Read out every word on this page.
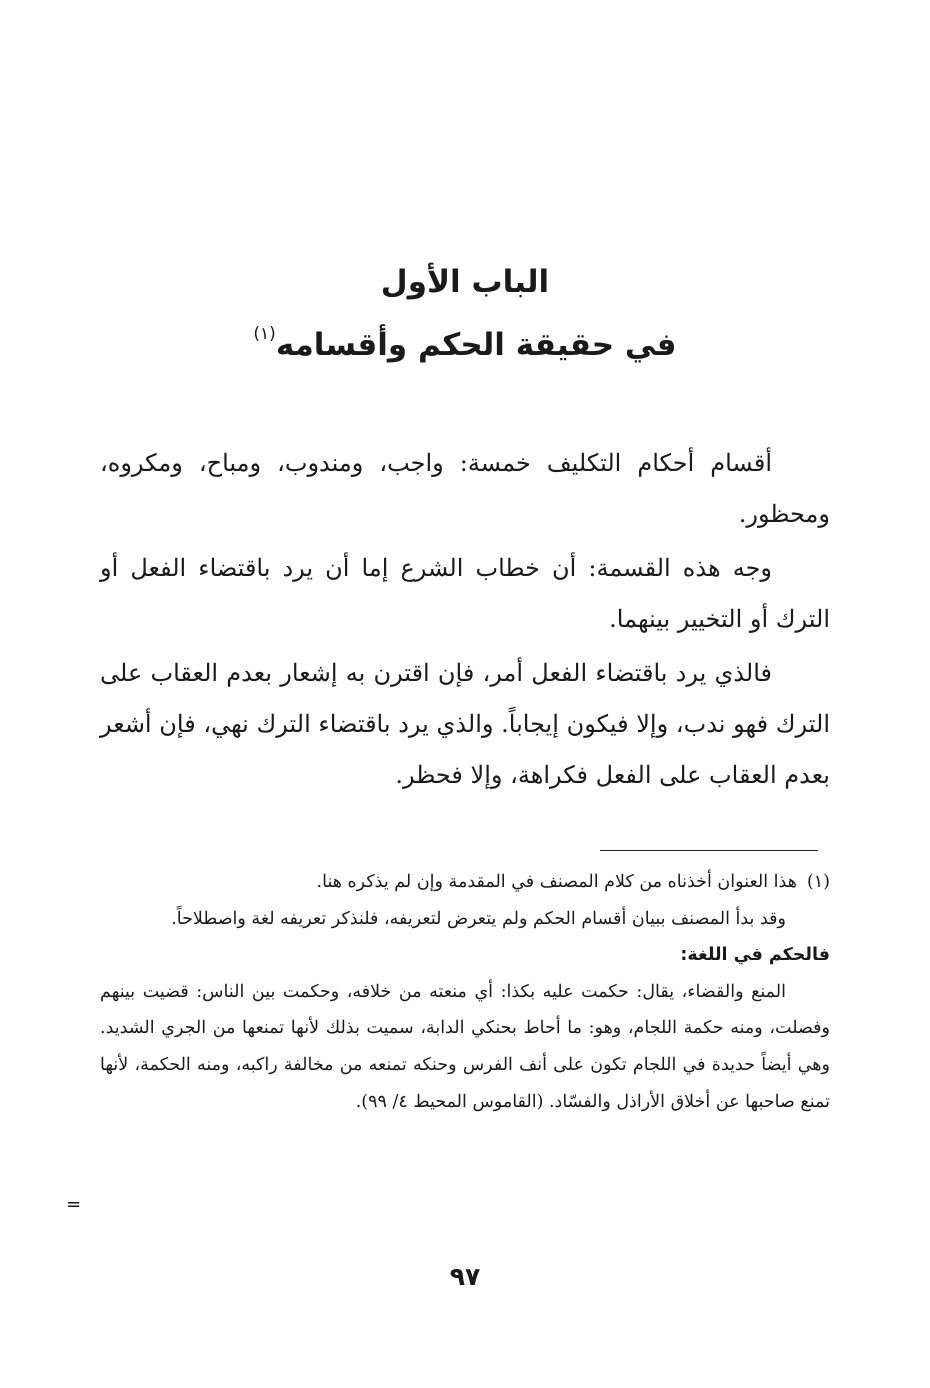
الباب الأول
في حقيقة الحكم وأقسامه$^{(١)}$

أقسام أحكام التكليف خمسة: واجب، ومندوب، ومباح، ومكروه، ومحظور.

وجه هذه القسمة: أن خطاب الشرع إما أن يرد باقتضاء الفعل أو الترك أو التخيير بينهما.

فالذي يرد باقتضاء الفعل أمر، فإن اقترن به إشعار بعدم العقاب على الترك فهو ندب، وإلا فيكون إيجاباً. والذي يرد باقتضاء الترك نهي، فإن أشعر بعدم العقاب على الفعل فكراهة، وإلا فحظر.

(١)هذا العنوان أخذناه من كلام المصنف في المقدمة وإن لم يذكره هنا.

وقد بدأ المصنف ببيان أقسام الحكم ولم يتعرض لتعريفه، فلنذكر تعريفه لغة واصطلاحاً.

فالحكم في اللغة:

المنع والقضاء، يقال: حكمت عليه بكذا: أي منعته من خلافه، وحكمت بين الناس: قضيت بينهم وفصلت، ومنه حكمة اللجام، وهو: ما أحاط بحنكي الدابة، سميت بذلك لأنها تمنعها من الجري الشديد. وهي أيضاً حديدة في اللجام تكون على أنف الفرس وحنكه تمنعه من مخالفة راكبه، ومنه الحكمة، لأنها تمنع صاحبها عن أخلاق الأراذل والفسّاد. (القاموس المحيط ٤/ ٩٩).

=
٩٧
